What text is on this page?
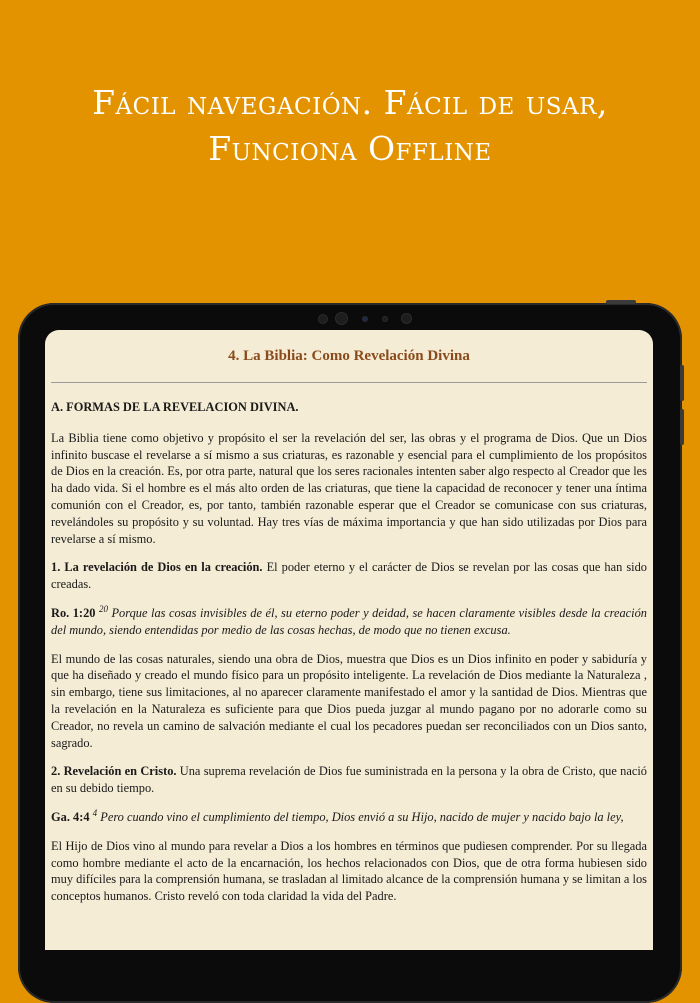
Fácil navegación. Fácil de usar,
Funciona Offline
4. La Biblia: Como Revelación Divina

A. FORMAS DE LA REVELACION DIVINA.

La Biblia tiene como objetivo y propósito el ser la revelación del ser, las obras y el programa de Dios. Que un Dios infinito buscase el revelarse a sí mismo a sus criaturas, es razonable y esencial para el cumplimiento de los propósitos de Dios en la creación. Es, por otra parte, natural que los seres racionales intenten saber algo respecto al Creador que les ha dado vida. Si el hombre es el más alto orden de las criaturas, que tiene la capacidad de reconocer y tener una íntima comunión con el Creador, es, por tanto, también razonable esperar que el Creador se comunicase con sus criaturas, revelándoles su propósito y su voluntad. Hay tres vías de máxima importancia y que han sido utilizadas por Dios para revelarse a sí mismo.

1. La revelación de Dios en la creación. El poder eterno y el carácter de Dios se revelan por las cosas que han sido creadas.

Ro. 1:20 $^{20}$ Porque las cosas invisibles de él, su eterno poder y deidad, se hacen claramente visibles desde la creación del mundo, siendo entendidas por medio de las cosas hechas, de modo que no tienen excusa.

El mundo de las cosas naturales, siendo una obra de Dios, muestra que Dios es un Dios infinito en poder y sabiduría y que ha diseñado y creado el mundo físico para un propósito inteligente. La revelación de Dios mediante la Naturaleza , sin embargo, tiene sus limitaciones, al no aparecer claramente manifestado el amor y la santidad de Dios. Mientras que la revelación en la Naturaleza es suficiente para que Dios pueda juzgar al mundo pagano por no adorarle como su Creador, no revela un camino de salvación mediante el cual los pecadores puedan ser reconciliados con un Dios santo, sagrado.

2. Revelación en Cristo. Una suprema revelación de Dios fue suministrada en la persona y la obra de Cristo, que nació en su debido tiempo.

Ga. 4:4 $^4$ Pero cuando vino el cumplimiento del tiempo, Dios envió a su Hijo, nacido de mujer y nacido bajo la ley,

El Hijo de Dios vino al mundo para revelar a Dios a los hombres en términos que pudiesen comprender. Por su llegada como hombre mediante el acto de la encarnación, los hechos relacionados con Dios, que de otra forma hubiesen sido muy difíciles para la comprensión humana, se trasladan al limitado alcance de la comprensión humana y se limitan a los conceptos humanos. Cristo reveló con toda claridad la vida del Padre.
